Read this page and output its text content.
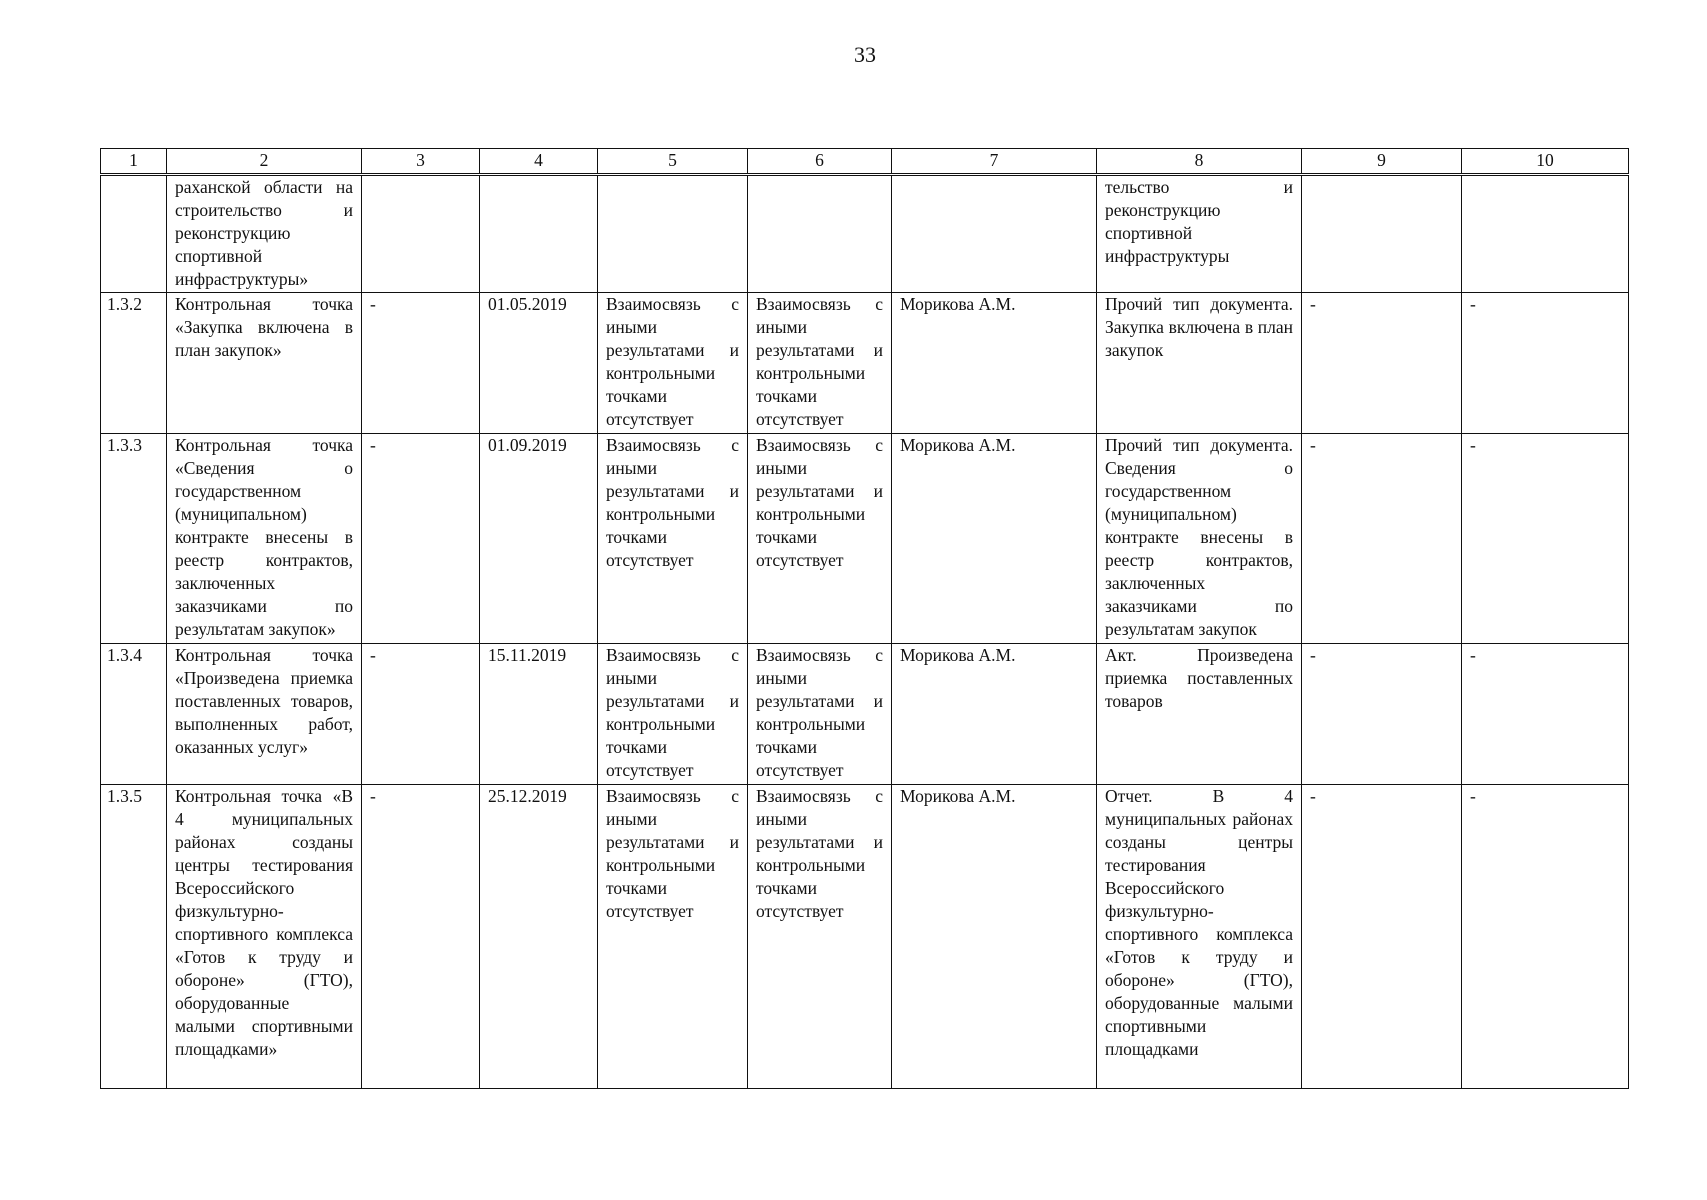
33
1	2	3	4	5	6	7	8	9	10
	раханской области на строительство и реконструкцию спортивной инфраструктуры»						тельство и реконструкцию спортивной инфраструктуры		
1.3.2	Контрольная точка «Закупка включена в план закупок»	-	01.05.2019	Взаимосвязь с иными результатами и контрольными точками отсутствует	Взаимосвязь с иными результатами и контрольными точками отсутствует	Морикова А.М.	Прочий тип документа. Закупка включена в план закупок	-	-
1.3.3	Контрольная точка «Сведения о государственном (муниципальном) контракте внесены в реестр контрактов, заключенных заказчиками по результатам закупок»	-	01.09.2019	Взаимосвязь с иными результатами и контрольными точками отсутствует	Взаимосвязь с иными результатами и контрольными точками отсутствует	Морикова А.М.	Прочий тип документа. Сведения о государственном (муниципальном) контракте внесены в реестр контрактов, заключенных заказчиками по результатам закупок	-	-
1.3.4	Контрольная точка «Произведена приемка поставленных товаров, выполненных работ, оказанных услуг»	-	15.11.2019	Взаимосвязь с иными результатами и контрольными точками отсутствует	Взаимосвязь с иными результатами и контрольными точками отсутствует	Морикова А.М.	Акт. Произведена приемка поставленных товаров	-	-
1.3.5	Контрольная точка «В 4 муниципальных районах созданы центры тестирования Всероссийского физкультурно-спортивного комплекса «Готов к труду и обороне» (ГТО), оборудованные малыми спортивными площадками»	-	25.12.2019	Взаимосвязь с иными результатами и контрольными точками отсутствует	Взаимосвязь с иными результатами и контрольными точками отсутствует	Морикова А.М.	Отчет. В 4 муниципальных районах созданы центры тестирования Всероссийского физкультурно-спортивного комплекса «Готов к труду и обороне» (ГТО), оборудованные малыми спортивными площадками	-	-
